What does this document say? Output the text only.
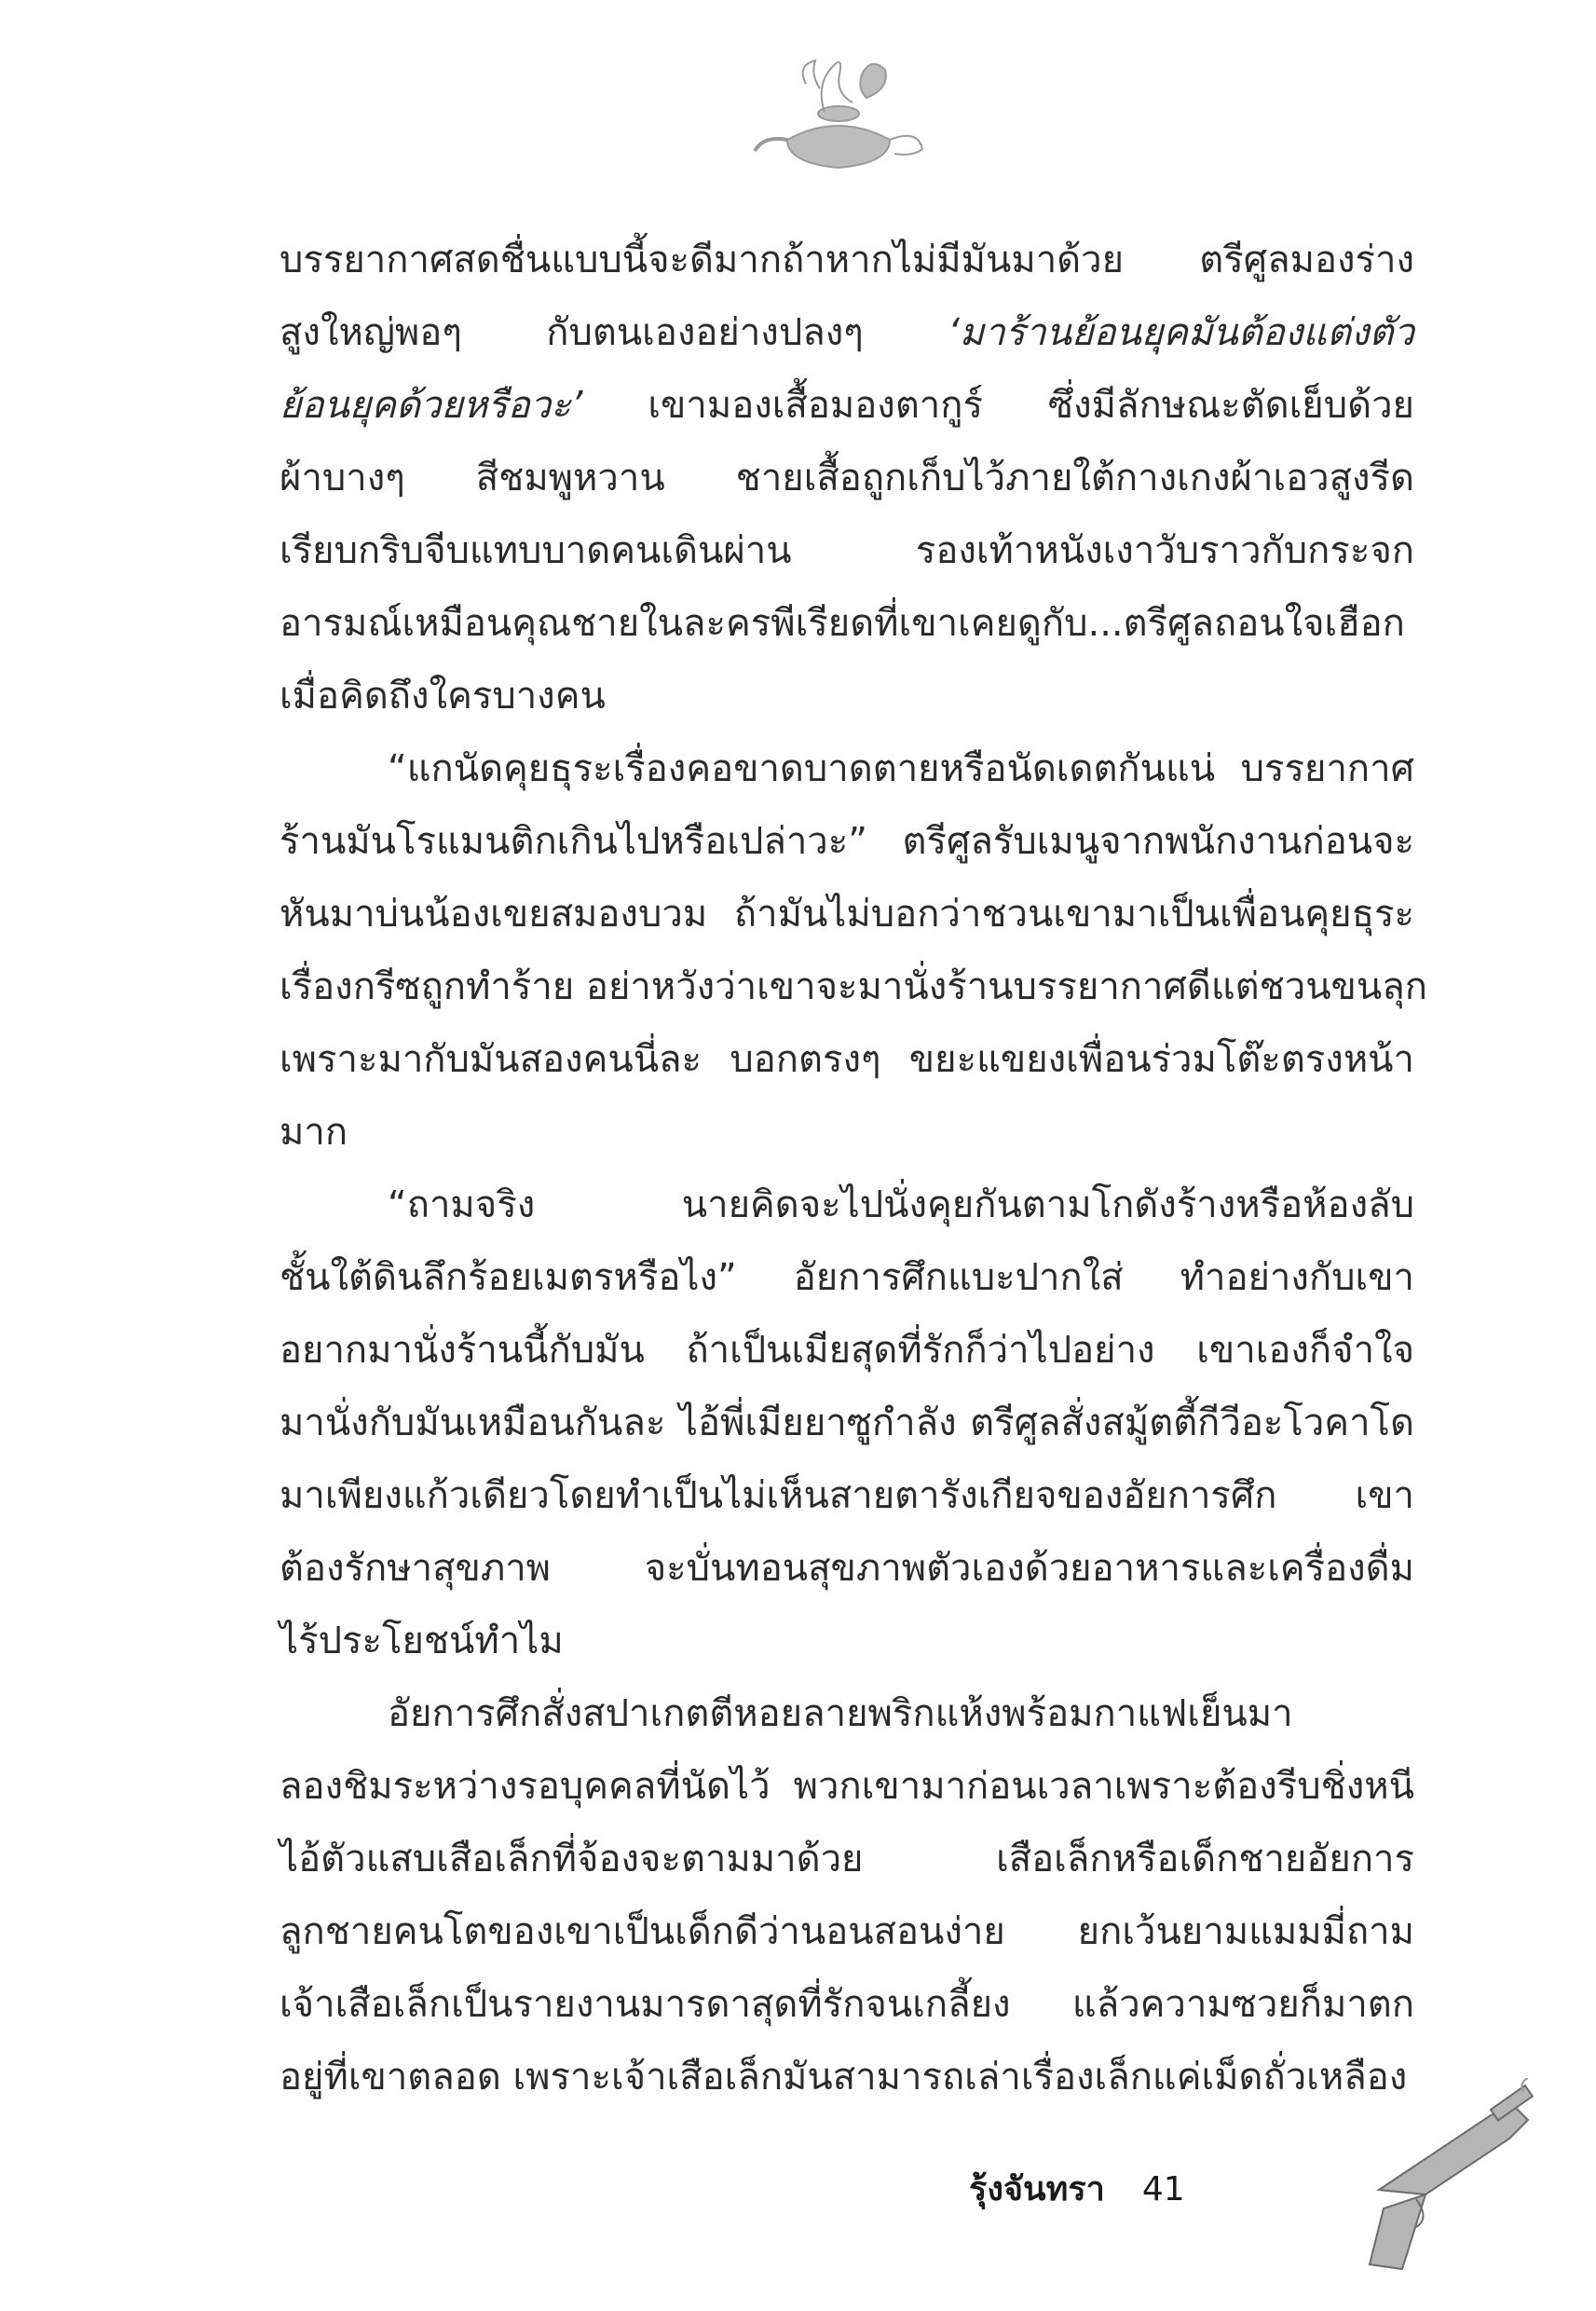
บรรยากาศสดชื่นแบบนี้จะดีมากถ้าหากไม่มีมันมาด้วย ตรีศูลมองร่าง
สูงใหญ่พอๆ กับตนเองอย่างปลงๆ ‘มาร้านย้อนยุคมันต้องแต่งตัว
ย้อนยุคด้วยหรือวะ’ เขามองเสื้อมองตากูร์ ซึ่งมีลักษณะตัดเย็บด้วย
ผ้าบางๆ สีชมพูหวาน ชายเสื้อถูกเก็บไว้ภายใต้กางเกงผ้าเอวสูงรีด
เรียบกริบจีบแทบบาดคนเดินผ่าน รองเท้าหนังเงาวับราวกับกระจก
อารมณ์เหมือนคุณชายในละครพีเรียดที่เขาเคยดูกับ...ตรีศูลถอนใจเฮือก
เมื่อคิดถึงใครบางคน
“แกนัดคุยธุระเรื่องคอขาดบาดตายหรือนัดเดตกันแน่ บรรยากาศ
ร้านมันโรแมนติกเกินไปหรือเปล่าวะ” ตรีศูลรับเมนูจากพนักงานก่อนจะ
หันมาบ่นน้องเขยสมองบวม ถ้ามันไม่บอกว่าชวนเขามาเป็นเพื่อนคุยธุระ
เรื่องกรีซถูกทำร้าย อย่าหวังว่าเขาจะมานั่งร้านบรรยากาศดีแต่ชวนขนลุก
เพราะมากับมันสองคนนี่ละ บอกตรงๆ ขยะแขยงเพื่อนร่วมโต๊ะตรงหน้า
มาก
“ถามจริง นายคิดจะไปนั่งคุยกันตามโกดังร้างหรือห้องลับ
ชั้นใต้ดินลึกร้อยเมตรหรือไง” อัยการศึกแบะปากใส่ ทำอย่างกับเขา
อยากมานั่งร้านนี้กับมัน ถ้าเป็นเมียสุดที่รักก็ว่าไปอย่าง เขาเองก็จำใจ
มานั่งกับมันเหมือนกันละ ไอ้พี่เมียยาซูกำลัง ตรีศูลสั่งสมู้ตตี้กีวีอะโวคาโด
มาเพียงแก้วเดียวโดยทำเป็นไม่เห็นสายตารังเกียจของอัยการศึก เขา
ต้องรักษาสุขภาพ จะบั่นทอนสุขภาพตัวเองด้วยอาหารและเครื่องดื่ม
ไร้ประโยชน์ทำไม
อัยการศึกสั่งสปาเกตตีหอยลายพริกแห้งพร้อมกาแฟเย็นมา
ลองชิมระหว่างรอบุคคลที่นัดไว้ พวกเขามาก่อนเวลาเพราะต้องรีบชิ่งหนี
ไอ้ตัวแสบเสือเล็กที่จ้องจะตามมาด้วย เสือเล็กหรือเด็กชายอัยการ
ลูกชายคนโตของเขาเป็นเด็กดีว่านอนสอนง่าย ยกเว้นยามแมมมี่ถาม
เจ้าเสือเล็กเป็นรายงานมารดาสุดที่รักจนเกลี้ยง แล้วความซวยก็มาตก
อยู่ที่เขาตลอด เพราะเจ้าเสือเล็กมันสามารถเล่าเรื่องเล็กแค่เม็ดถั่วเหลือง
รุ้งจันทรา 41
